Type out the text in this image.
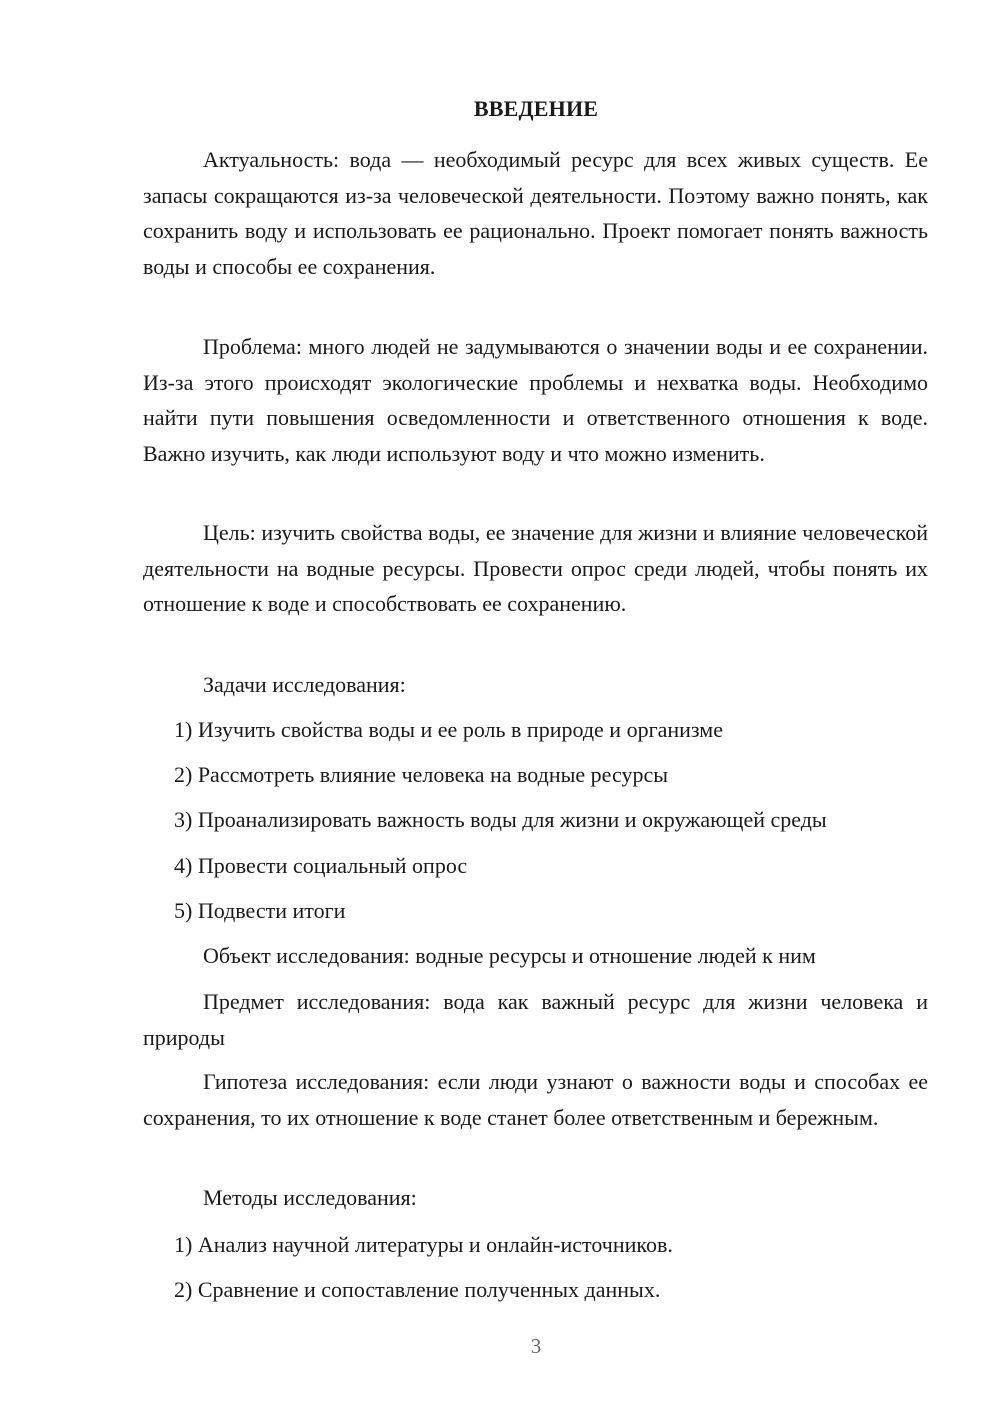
ВВЕДЕНИЕ

Актуальность: вода — необходимый ресурс для всех живых существ. Ее запасы сокращаются из-за человеческой деятельности. Поэтому важно понять, как сохранить воду и использовать ее рационально. Проект помогает понять важность воды и способы ее сохранения.

Проблема: много людей не задумываются о значении воды и ее сохранении. Из-за этого происходят экологические проблемы и нехватка воды. Необходимо найти пути повышения осведомленности и ответственного отношения к воде. Важно изучить, как люди используют воду и что можно изменить.

Цель: изучить свойства воды, ее значение для жизни и влияние человеческой деятельности на водные ресурсы. Провести опрос среди людей, чтобы понять их отношение к воде и способствовать ее сохранению.

Задачи исследования:

1) Изучить свойства воды и ее роль в природе и организме

2) Рассмотреть влияние человека на водные ресурсы

3) Проанализировать важность воды для жизни и окружающей среды

4) Провести социальный опрос

5) Подвести итоги

Объект исследования: водные ресурсы и отношение людей к ним

Предмет исследования: вода как важный ресурс для жизни человека и природы

Гипотеза исследования: если люди узнают о важности воды и способах ее сохранения, то их отношение к воде станет более ответственным и бережным.

Методы исследования:

1) Анализ научной литературы и онлайн-источников.

2) Сравнение и сопоставление полученных данных.

3
